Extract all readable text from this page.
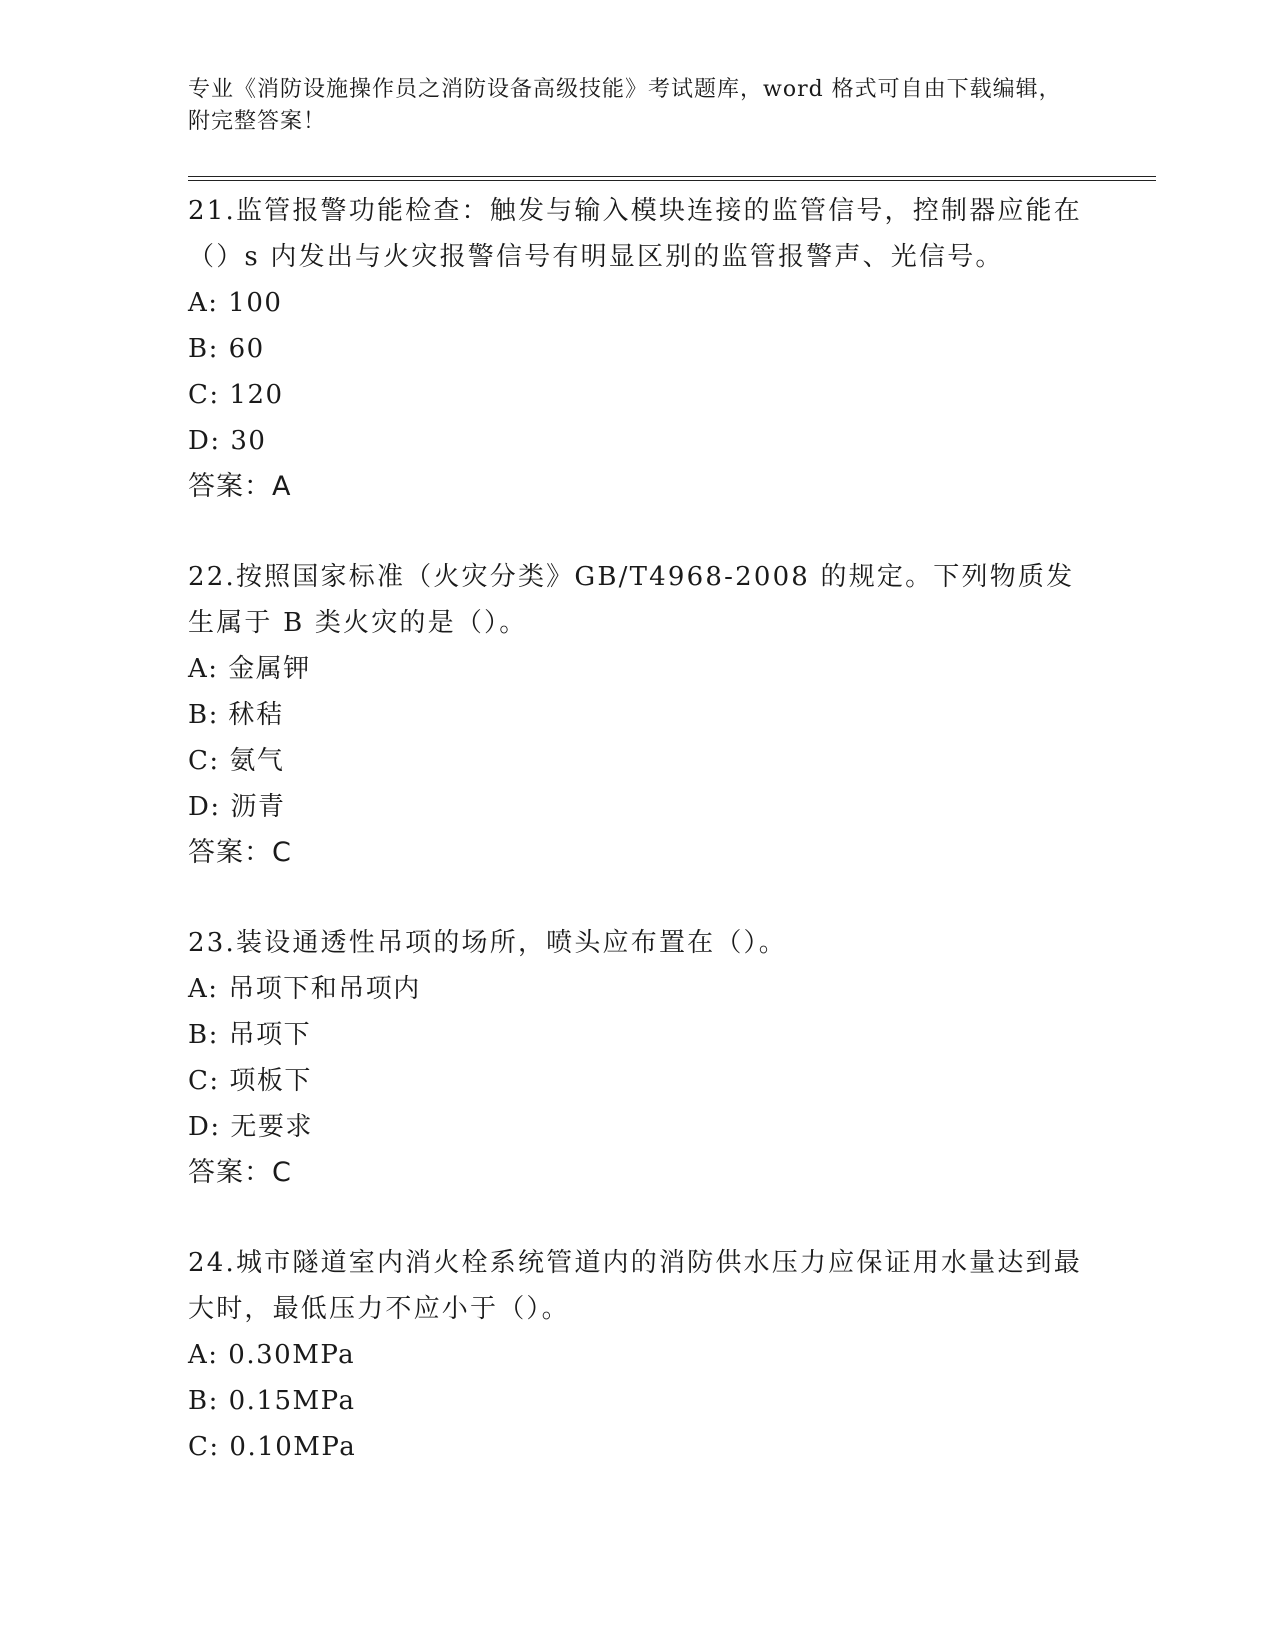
专业《消防设施操作员之消防设备高级技能》考试题库，word 格式可自由下载编辑，附完整答案！
21.监管报警功能检查：触发与输入模块连接的监管信号，控制器应能在（）s 内发出与火灾报警信号有明显区别的监管报警声、光信号。
A: 100
B: 60
C: 120
D: 30
答案：A
22.按照国家标准（火灾分类》GB/T4968-2008 的规定。下列物质发生属于 B 类火灾的是（）。
A: 金属钾
B: 秫秸
C: 氨气
D: 沥青
答案：C
23.装设通透性吊项的场所，喷头应布置在（）。
A: 吊项下和吊项内
B: 吊项下
C: 项板下
D: 无要求
答案：C
24.城市隧道室内消火栓系统管道内的消防供水压力应保证用水量达到最大时，最低压力不应小于（）。
A: 0.30MPa
B: 0.15MPa
C: 0.10MPa
